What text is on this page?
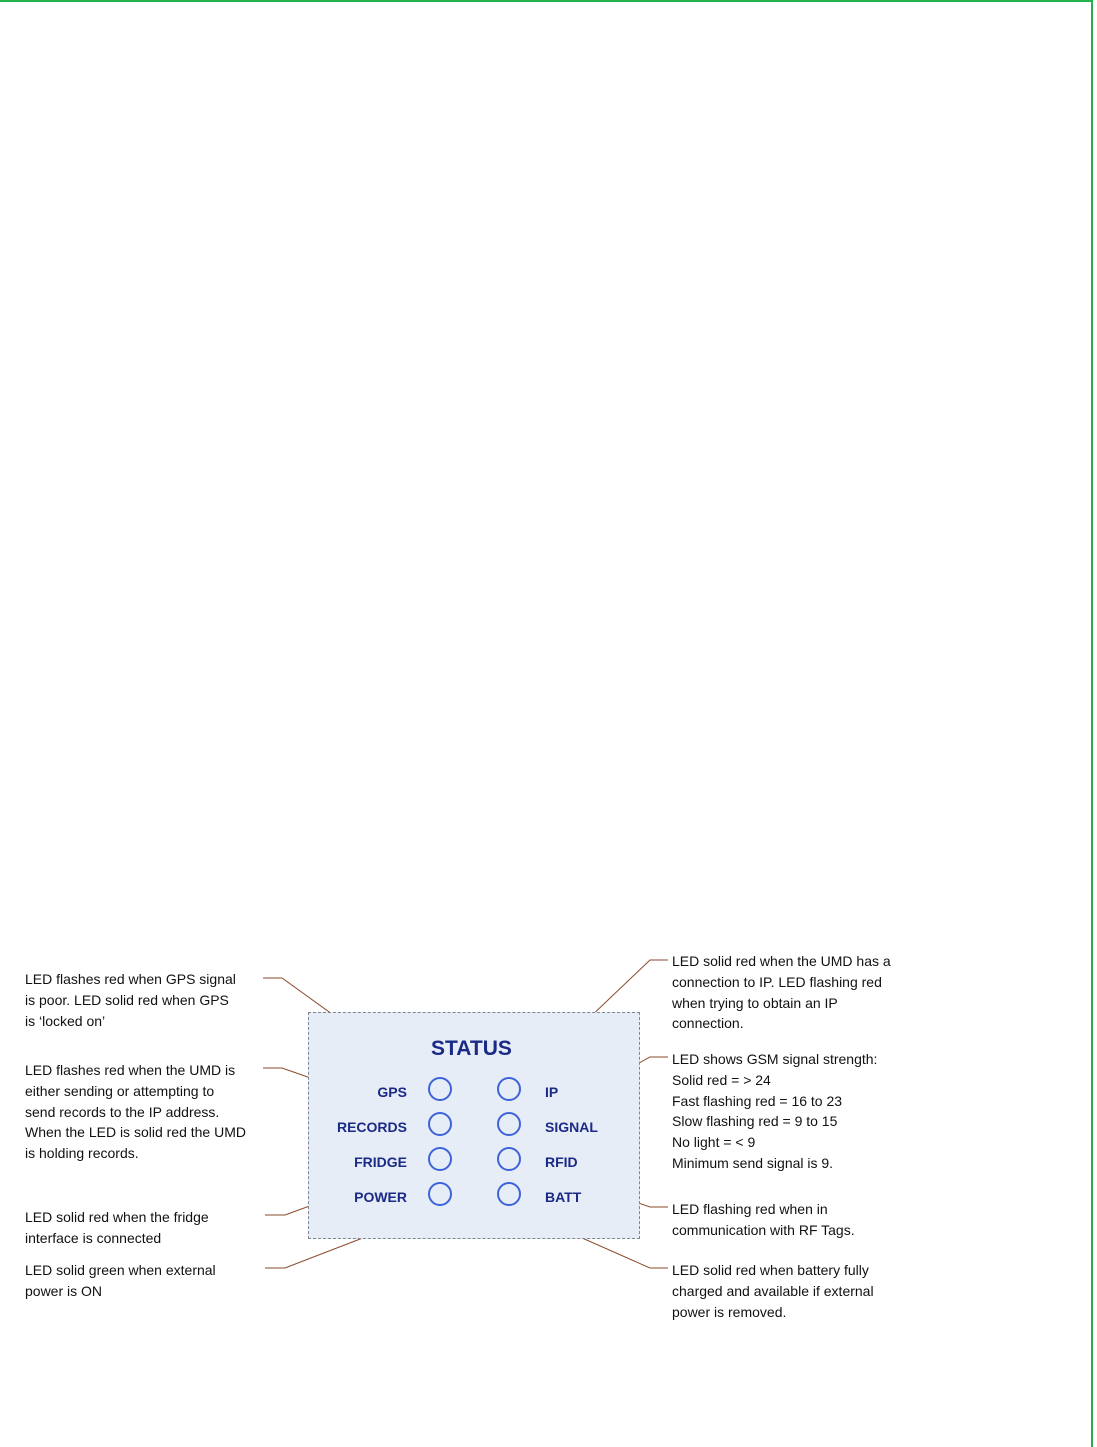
STATUS
GPS
RECORDS
FRIDGE
POWER
IP
SIGNAL
RFID
BATT
LED flashes red when GPS signal
is poor. LED solid red when GPS
is ‘locked on’
LED flashes red when the UMD is
either sending or attempting to
send records to the IP address.
When the LED is solid red the UMD
is holding records.
LED solid red when the fridge
interface is connected
LED solid green when external
power is ON
LED solid red when the UMD has a
connection to IP. LED flashing red
when trying to obtain an IP
connection.
LED shows GSM signal strength:
Solid red = > 24
Fast flashing red = 16 to 23
Slow flashing red = 9 to 15
No light = < 9
Minimum send signal is 9.
LED flashing red when in
communication with RF Tags.
LED solid red when battery fully
charged and available if external
power is removed.
